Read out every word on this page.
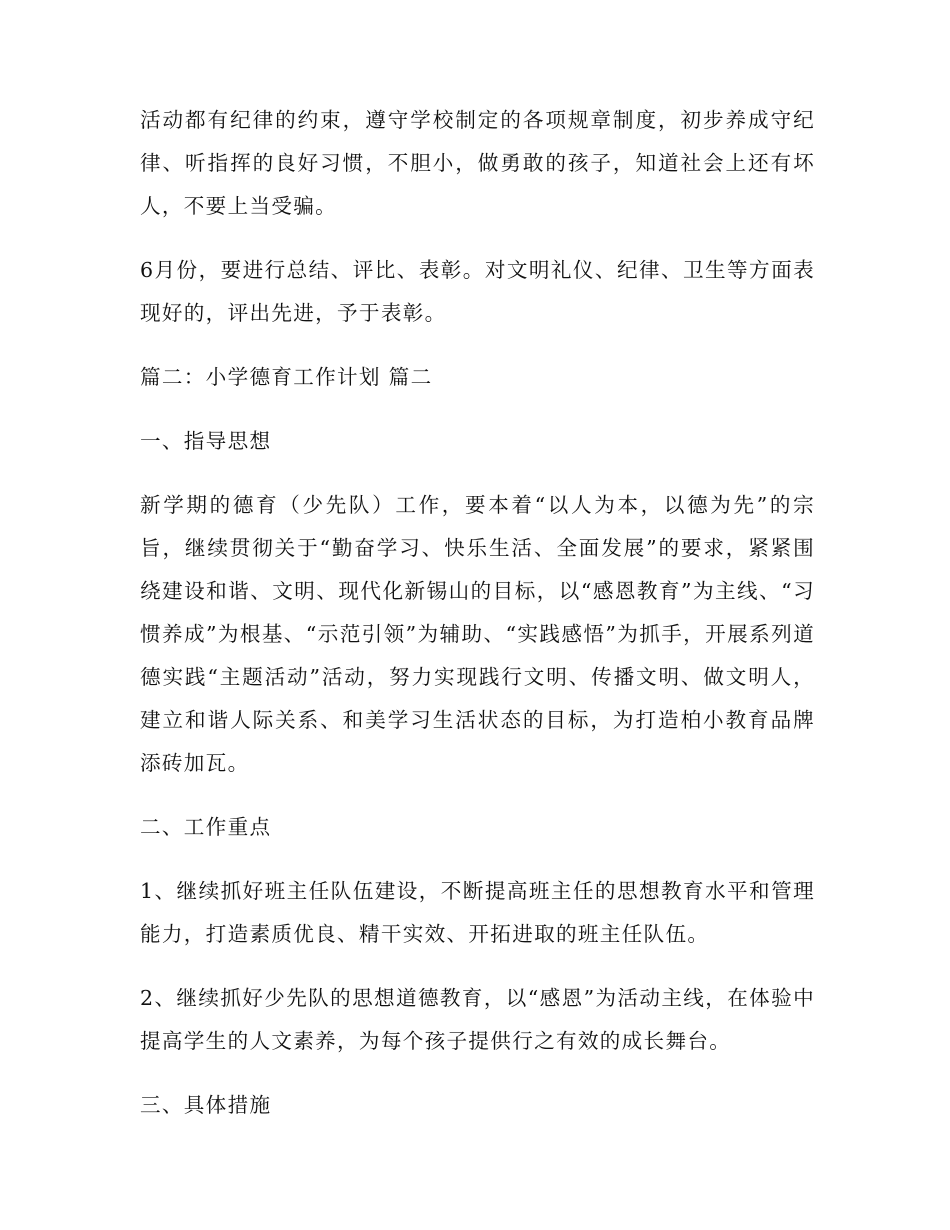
活动都有纪律的约束，遵守学校制定的各项规章制度，初步养成守纪律、听指挥的良好习惯，不胆小，做勇敢的孩子，知道社会上还有坏人，不要上当受骗。

6月份，要进行总结、评比、表彰。对文明礼仪、纪律、卫生等方面表现好的，评出先进，予于表彰。

篇二：小学德育工作计划 篇二

一、指导思想

新学期的德育（少先队）工作，要本着“以人为本，以德为先”的宗旨，继续贯彻关于“勤奋学习、快乐生活、全面发展”的要求，紧紧围绕建设和谐、文明、现代化新锡山的目标，以“感恩教育”为主线、“习惯养成”为根基、“示范引领”为辅助、“实践感悟”为抓手，开展系列道德实践“主题活动”活动，努力实现践行文明、传播文明、做文明人，建立和谐人际关系、和美学习生活状态的目标，为打造柏小教育品牌添砖加瓦。

二、工作重点

1、继续抓好班主任队伍建设，不断提高班主任的思想教育水平和管理能力，打造素质优良、精干实效、开拓进取的班主任队伍。

2、继续抓好少先队的思想道德教育，以“感恩”为活动主线，在体验中提高学生的人文素养，为每个孩子提供行之有效的成长舞台。

三、具体措施
